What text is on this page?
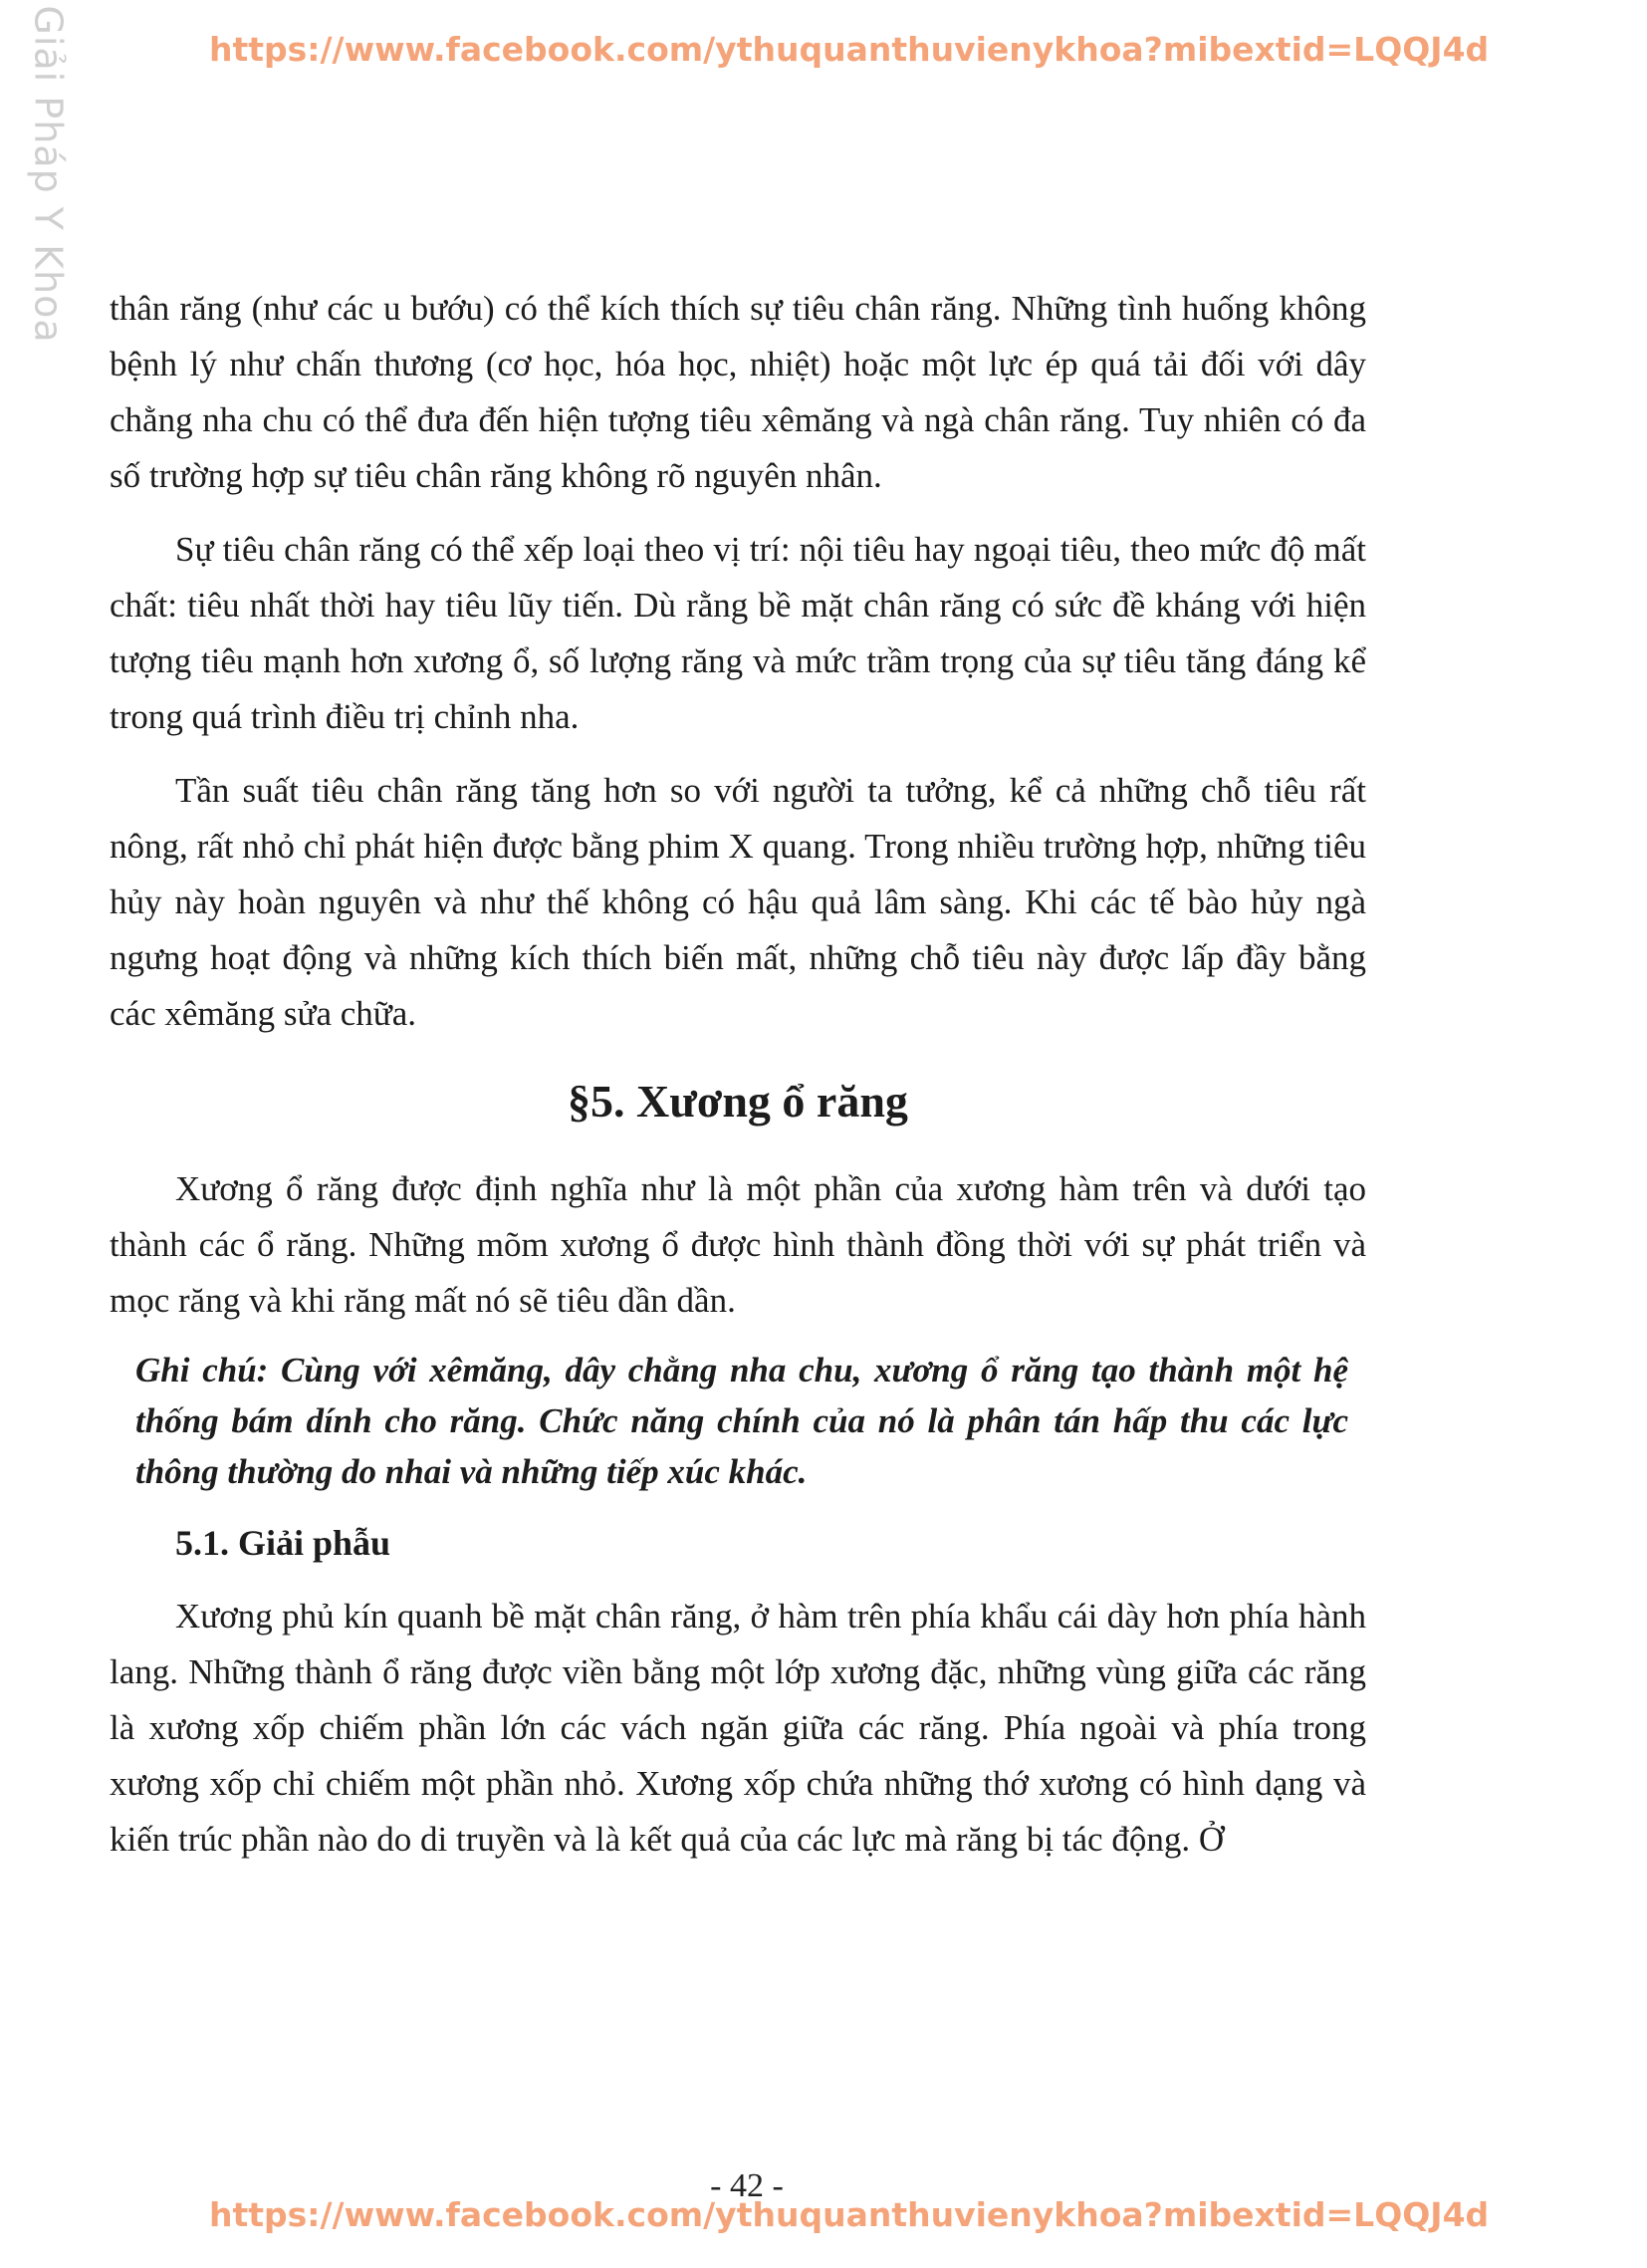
Giải Pháp Y Khoa	https://www.facebook.com/ythuquanthuvienykhoa?mibextid=LQQJ4d

thân răng (như các u bướu) có thể kích thích sự tiêu chân răng. Những tình huống không bệnh lý như chấn thương (cơ học, hóa học, nhiệt) hoặc một lực ép quá tải đối với dây chằng nha chu có thể đưa đến hiện tượng tiêu xêmăng và ngà chân răng. Tuy nhiên có đa số trường hợp sự tiêu chân răng không rõ nguyên nhân.

Sự tiêu chân răng có thể xếp loại theo vị trí: nội tiêu hay ngoại tiêu, theo mức độ mất chất: tiêu nhất thời hay tiêu lũy tiến. Dù rằng bề mặt chân răng có sức đề kháng với hiện tượng tiêu mạnh hơn xương ổ, số lượng răng và mức trầm trọng của sự tiêu tăng đáng kể trong quá trình điều trị chỉnh nha.

Tần suất tiêu chân răng tăng hơn so với người ta tưởng, kể cả những chỗ tiêu rất nông, rất nhỏ chỉ phát hiện được bằng phim X quang. Trong nhiều trường hợp, những tiêu hủy này hoàn nguyên và như thế không có hậu quả lâm sàng. Khi các tế bào hủy ngà ngưng hoạt động và những kích thích biến mất, những chỗ tiêu này được lấp đầy bằng các xêmăng sửa chữa.

§5. Xương ổ răng

Xương ổ răng được định nghĩa như là một phần của xương hàm trên và dưới tạo thành các ổ răng. Những mõm xương ổ được hình thành đồng thời với sự phát triển và mọc răng và khi răng mất nó sẽ tiêu dần dần.

Ghi chú: Cùng với xêmăng, dây chằng nha chu, xương ổ răng tạo thành một hệ thống bám dính cho răng. Chức năng chính của nó là phân tán hấp thu các lực thông thường do nhai và những tiếp xúc khác.
5.1. Giải phẫu

Xương phủ kín quanh bề mặt chân răng, ở hàm trên phía khẩu cái dày hơn phía hành lang. Những thành ổ răng được viền bằng một lớp xương đặc, những vùng giữa các răng là xương xốp chiếm phần lớn các vách ngăn giữa các răng. Phía ngoài và phía trong xương xốp chỉ chiếm một phần nhỏ. Xương xốp chứa những thớ xương có hình dạng và kiến trúc phần nào do di truyền và là kết quả của các lực mà răng bị tác động. Ở

- 42 -
https://www.facebook.com/ythuquanthuvienykhoa?mibextid=LQQJ4d
